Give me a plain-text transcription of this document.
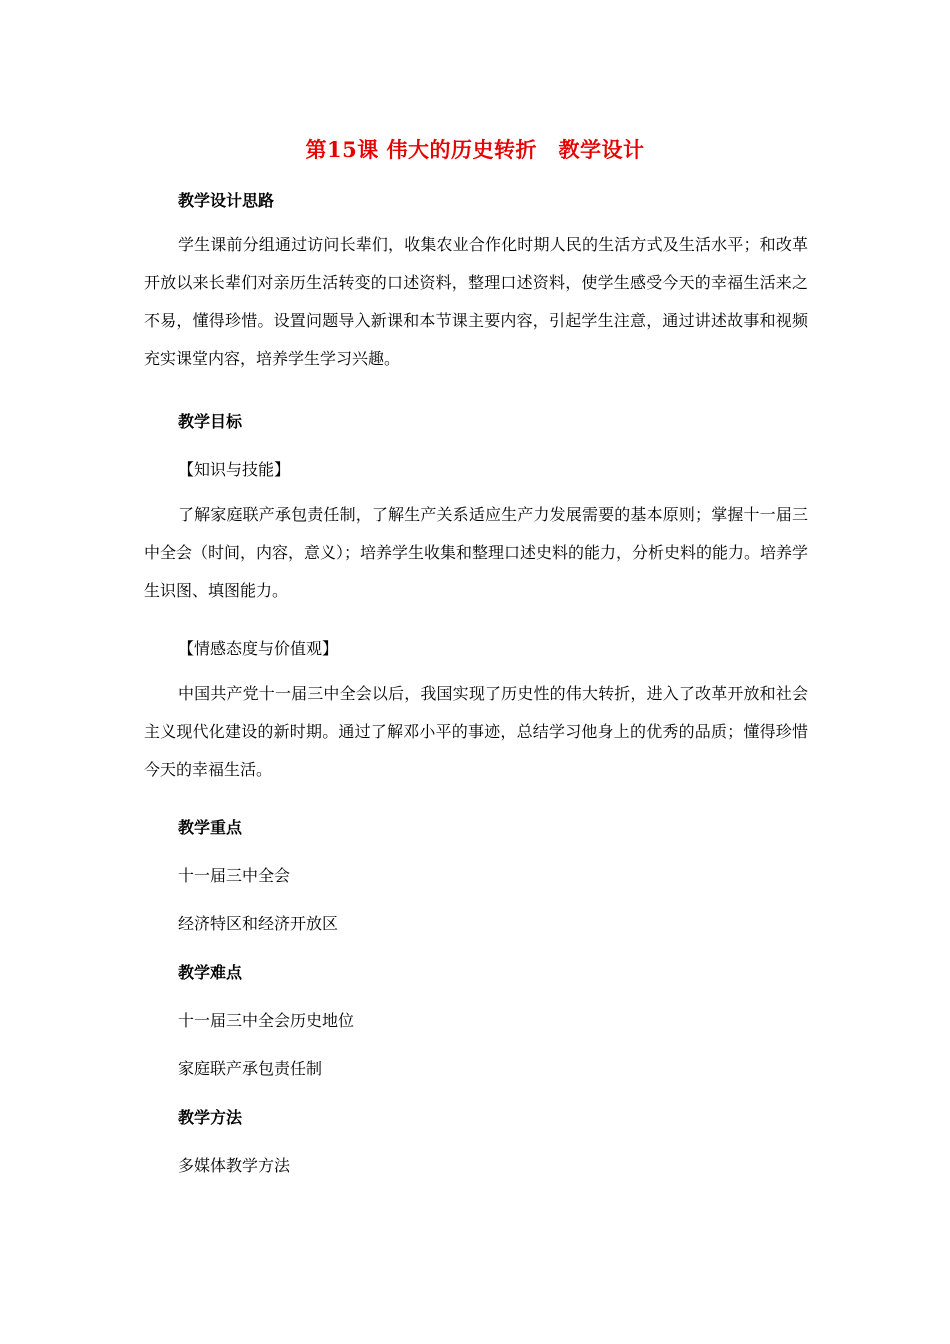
第15课 伟大的历史转折　教学设计
教学设计思路
学生课前分组通过访问长辈们，收集农业合作化时期人民的生活方式及生活水平；和改革开放以来长辈们对亲历生活转变的口述资料，整理口述资料，使学生感受今天的幸福生活来之不易，懂得珍惜。设置问题导入新课和本节课主要内容，引起学生注意，通过讲述故事和视频充实课堂内容，培养学生学习兴趣。
教学目标
【知识与技能】
了解家庭联产承包责任制，了解生产关系适应生产力发展需要的基本原则；掌握十一届三中全会（时间，内容，意义）；培养学生收集和整理口述史料的能力，分析史料的能力。培养学生识图、填图能力。
【情感态度与价值观】
中国共产党十一届三中全会以后，我国实现了历史性的伟大转折，进入了改革开放和社会主义现代化建设的新时期。通过了解邓小平的事迹，总结学习他身上的优秀的品质；懂得珍惜今天的幸福生活。
教学重点
十一届三中全会
经济特区和经济开放区
教学难点
十一届三中全会历史地位
家庭联产承包责任制
教学方法
多媒体教学方法
